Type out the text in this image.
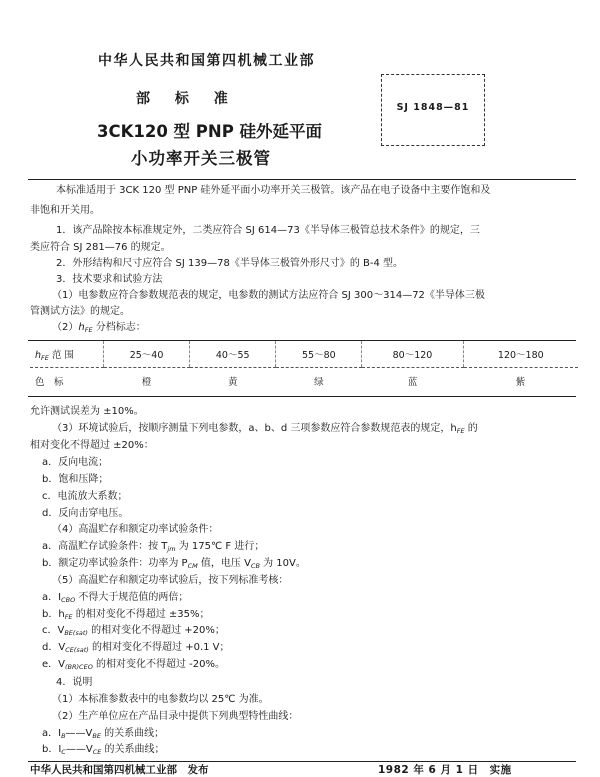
中华人民共和国第四机械工业部
部 标 准
3CK120 型 PNP 硅外延平面
小功率开关三极管
SJ 1848—81
本标准适用于 3CK 120 型 PNP 硅外延平面小功率开关三极管。该产品在电子设备中主要作饱和及
非饱和开关用。
1．该产品除按本标准规定外，二类应符合 SJ 614—73《半导体三极管总技术条件》的规定，三
类应符合 SJ 281—76 的规定。
2．外形结构和尺寸应符合 SJ 139—78《半导体三极管外形尺寸》的 B-4 型。
3．技术要求和试验方法
（1）电参数应符合参数规范表的规定，电参数的测试方法应符合 SJ 300～314—72《半导体三极
管测试方法》的规定。
$(2)h_{FE}$ 分档标志：
$h_{FE}$ 范 围	25～40	40～55	55～80	80～120	120～180
色　标	橙	黄	绿	蓝	紫
允许测试误差为 ±10%。
（3）环境试验后，按顺序测量下列电参数，a、b、d 三项参数应符合参数规范表的规定，$h_{FE}$ 的
相对变化不得超过 ±20%：
a．反向电流；
b．饱和压降；
c．电流放大系数；
d．反向击穿电压。
（4）高温贮存和额定功率试验条件：
a．高温贮存试验条件：按 $T_{jm}$ 为 175℃ F 进行；
b．额定功率试验条件：功率为 $P_{CM}$ 值，电压 $V_{CB}$ 为 10V。
（5）高温贮存和额定功率试验后，按下列标准考核：
a．$I_{CBO}$ 不得大于规范值的两倍；
b．$h_{FE}$ 的相对变化不得超过 ±35%；
c．$V_{BE(sat)}$ 的相对变化不得超过 +20%；
d．$V_{CE(sat)}$ 的相对变化不得超过 +0.1 V；
e．$V_{(BR)CEO}$ 的相对变化不得超过 -20%。
4．说明
（1）本标准参数表中的电参数均以 25℃ 为准。
（2）生产单位应在产品目录中提供下列典型特性曲线：
a．$I_B——V_{BE}$ 的关系曲线；
b．$I_C——V_{CE}$ 的关系曲线；
中华人民共和国第四机械工业部　发布	1982 年 6 月 1 日　实施
